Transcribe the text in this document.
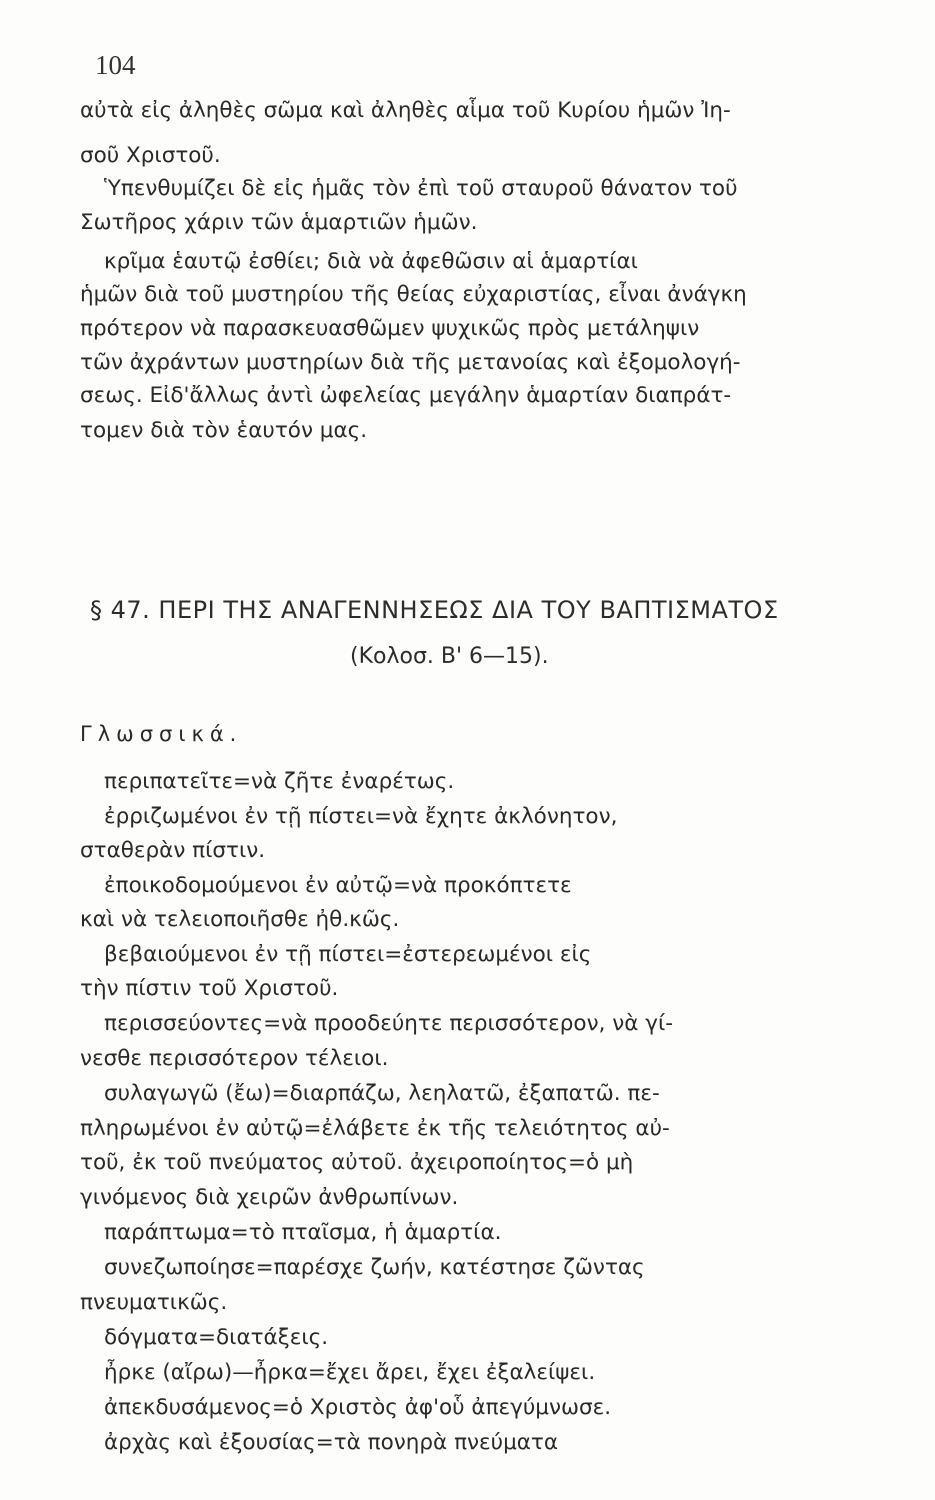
104
αὐτὰ εἰς ἀληθὲς σῶμα καὶ ἀληθὲς αἷμα τοῦ Κυρίου ἡμῶν Ἰη-
σοῦ Χριστοῦ.
Ὑπενθυμίζει δὲ εἰς ἡμᾶς τὸν ἐπὶ τοῦ σταυροῦ θάνατον τοῦ
Σωτῆρος χάριν τῶν ἁμαρτιῶν ἡμῶν.
κρῖμα ἑαυτῷ ἐσθίει; διὰ νὰ ἀφεθῶσιν αἱ ἁμαρτίαι
ἡμῶν διὰ τοῦ μυστηρίου τῆς θείας εὐχαριστίας, εἶναι ἀνάγκη
πρότερον νὰ παρασκευασθῶμεν ψυχικῶς πρὸς μετάληψιν
τῶν ἀχράντων μυστηρίων διὰ τῆς μετανοίας καὶ ἐξομολογή-
σεως. Εἰδ'ἄλλως ἀντὶ ὠφελείας μεγάλην ἁμαρτίαν διαπράτ-
τομεν διὰ τὸν ἑαυτόν μας.
§ 47. ΠΕΡΙ ΤΗΣ ΑΝΑΓΕΝΝΗΣΕΩΣ ΔΙΑ ΤΟΥ ΒΑΠΤΙΣΜΑΤΟΣ
(Κολοσ. Β' 6—15).
Γλωσσικά.
περιπατεῖτε=νὰ ζῆτε ἐναρέτως.
ἐρριζωμένοι ἐν τῇ πίστει=νὰ ἔχητε ἀκλόνητον,
σταθερὰν πίστιν.
ἐποικοδομούμενοι ἐν αὐτῷ=νὰ προκόπτετε
καὶ νὰ τελειοποιῆσθε ἠθ.κῶς.
βεβαιούμενοι ἐν τῇ πίστει=ἐστερεωμένοι εἰς
τὴν πίστιν τοῦ Χριστοῦ.
περισσεύοντες=νὰ προοδεύητε περισσότερον, νὰ γί-
νεσθε περισσότερον τέλειοι.
συλαγωγῶ (ἔω)=διαρπάζω, λεηλατῶ, ἐξαπατῶ. πε-
πληρωμένοι ἐν αὐτῷ=ἐλάβετε ἐκ τῆς τελειότητος αὐ-
τοῦ, ἐκ τοῦ πνεύματος αὐτοῦ. ἀχειροποίητος=ὁ μὴ
γινόμενος διὰ χειρῶν ἀνθρωπίνων.
παράπτωμα=τὸ πταῖσμα, ἡ ἁμαρτία.
συνεζωποίησε=παρέσχε ζωήν, κατέστησε ζῶντας
πνευματικῶς.
δόγματα=διατάξεις.
ἦρκε (αἴρω)—ἦρκα=ἔχει ἄρει, ἔχει ἐξαλείψει.
ἀπεκδυσάμενος=ὁ Χριστὸς ἀφ'οὗ ἀπεγύμνωσε.
ἀρχὰς καὶ ἐξουσίας=τὰ πονηρὰ πνεύματα
